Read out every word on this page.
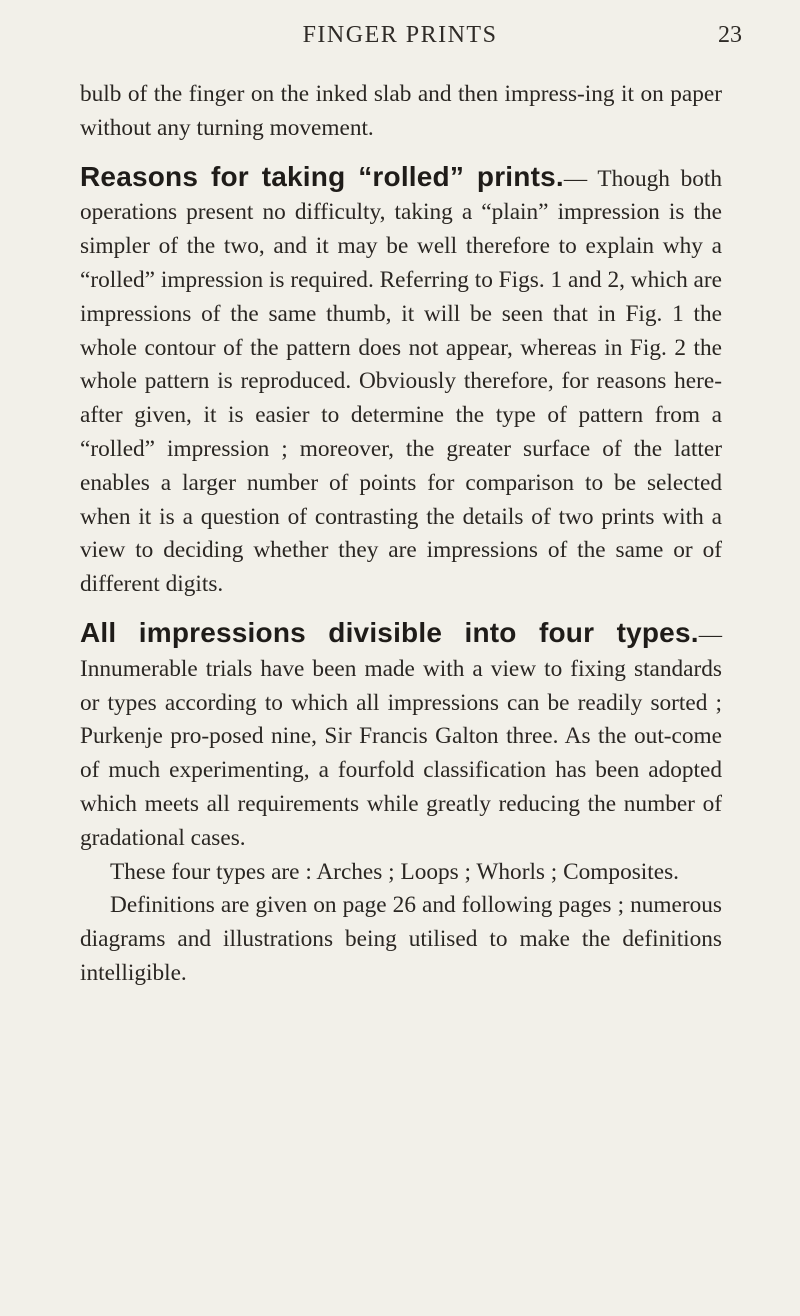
FINGER PRINTS	23

bulb of the finger on the inked slab and then impress-ing it on paper without any turning movement.

Reasons for taking “rolled” prints.— Though both operations present no difficulty, taking a “plain” impression is the simpler of the two, and it may be well therefore to explain why a “rolled” impression is required. Referring to Figs. 1 and 2, which are impressions of the same thumb, it will be seen that in Fig. 1 the whole contour of the pattern does not appear, whereas in Fig. 2 the whole pattern is reproduced. Obviously therefore, for reasons here-after given, it is easier to determine the type of pattern from a “rolled” impression ; moreover, the greater surface of the latter enables a larger number of points for comparison to be selected when it is a question of contrasting the details of two prints with a view to deciding whether they are impressions of the same or of different digits.

All impressions divisible into four types.—Innumerable trials have been made with a view to fixing standards or types according to which all impressions can be readily sorted ; Purkenje pro-posed nine, Sir Francis Galton three. As the out-come of much experimenting, a fourfold classification has been adopted which meets all requirements while greatly reducing the number of gradational cases.

These four types are : Arches ; Loops ; Whorls ; Composites.

Definitions are given on page 26 and following pages ; numerous diagrams and illustrations being utilised to make the definitions intelligible.
